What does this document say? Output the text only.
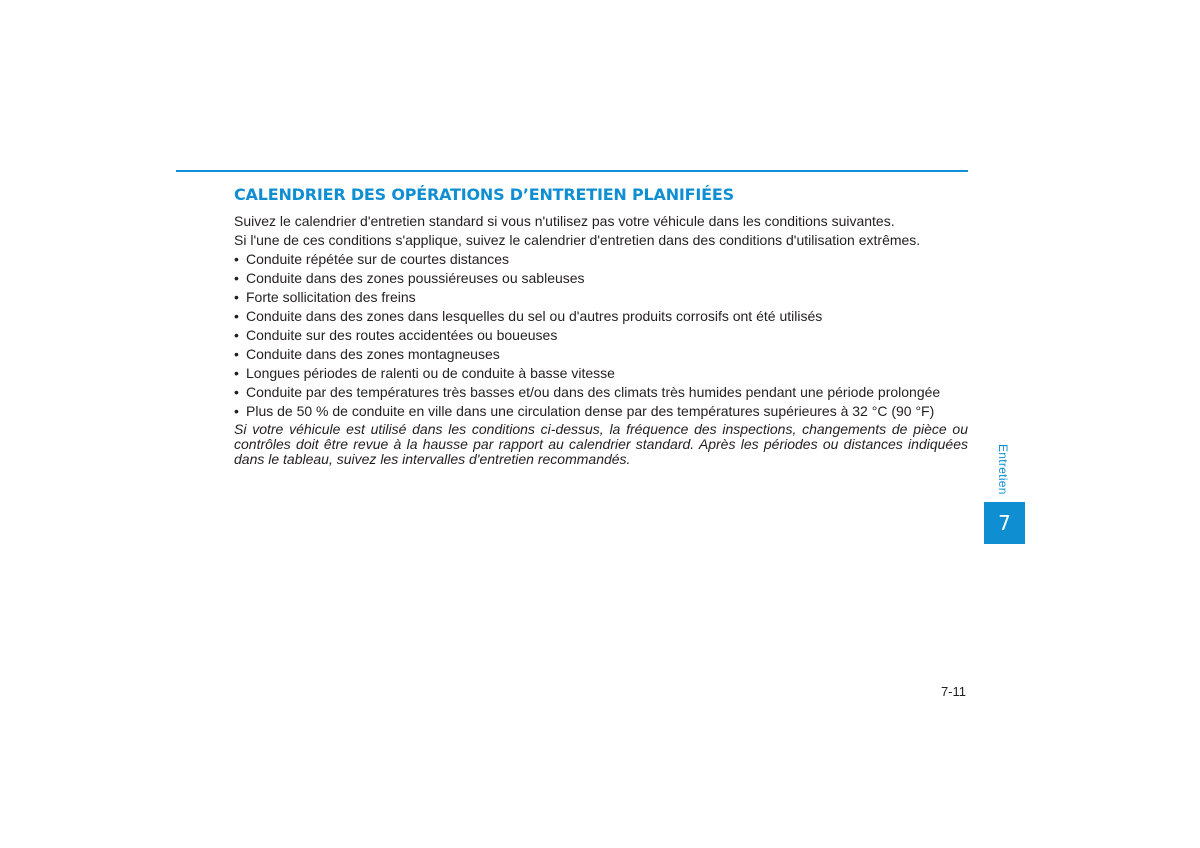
CALENDRIER DES OPÉRATIONS D’ENTRETIEN PLANIFIÉES

Suivez le calendrier d'entretien standard si vous n'utilisez pas votre véhicule dans les conditions suivantes.

Si l'une de ces conditions s'applique, suivez le calendrier d'entretien dans des conditions d'utilisation extrêmes.

• Conduite répétée sur de courtes distances
• Conduite dans des zones poussiéreuses ou sableuses
• Forte sollicitation des freins
• Conduite dans des zones dans lesquelles du sel ou d'autres produits corrosifs ont été utilisés
• Conduite sur des routes accidentées ou boueuses
• Conduite dans des zones montagneuses
• Longues périodes de ralenti ou de conduite à basse vitesse
• Conduite par des températures très basses et/ou dans des climats très humides pendant une période prolongée
• Plus de 50 % de conduite en ville dans une circulation dense par des températures supérieures à 32 °C (90 °F)

Si votre véhicule est utilisé dans les conditions ci-dessus, la fréquence des inspections, changements de pièce ou contrôles doit être revue à la hausse par rapport au calendrier standard. Après les périodes ou distances indiquées dans le tableau, suivez les intervalles d'entretien recommandés.	Entretien
7
7-11
